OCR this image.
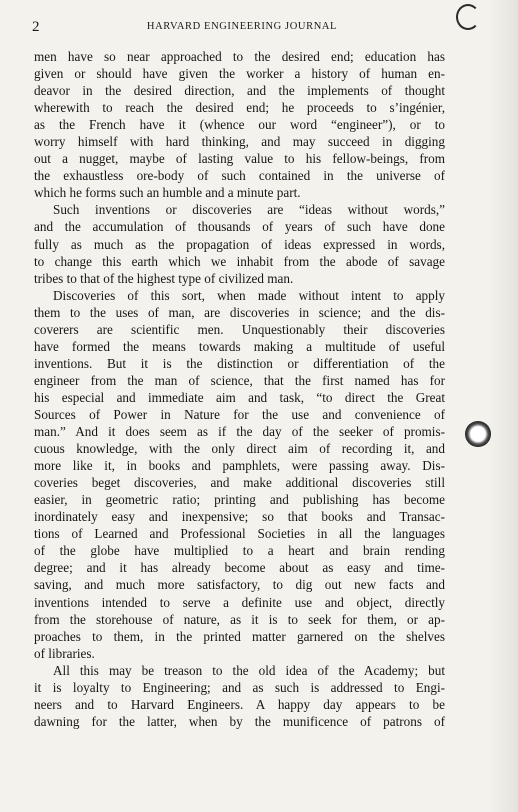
2	HARVARD ENGINEERING JOURNAL
men have so near approached to the desired end; education has
given or should have given the worker a history of human en-
deavor in the desired direction, and the implements of thought
wherewith to reach the desired end; he proceeds to s’ingénier,
as the French have it (whence our word “engineer”), or to
worry himself with hard thinking, and may succeed in digging
out a nugget, maybe of lasting value to his fellow-beings, from
the exhaustless ore-body of such contained in the universe of
which he forms such an humble and a minute part.
Such inventions or discoveries are “ideas without words,”
and the accumulation of thousands of years of such have done
fully as much as the propagation of ideas expressed in words,
to change this earth which we inhabit from the abode of savage
tribes to that of the highest type of civilized man.
Discoveries of this sort, when made without intent to apply
them to the uses of man, are discoveries in science; and the dis-
coverers are scientific men. Unquestionably their discoveries
have formed the means towards making a multitude of useful
inventions. But it is the distinction or differentiation of the
engineer from the man of science, that the first named has for
his especial and immediate aim and task, “to direct the Great
Sources of Power in Nature for the use and convenience of
man.” And it does seem as if the day of the seeker of promis-
cuous knowledge, with the only direct aim of recording it, and
more like it, in books and pamphlets, were passing away. Dis-
coveries beget discoveries, and make additional discoveries still
easier, in geometric ratio; printing and publishing has become
inordinately easy and inexpensive; so that books and Transac-
tions of Learned and Professional Societies in all the languages
of the globe have multiplied to a heart and brain rending
degree; and it has already become about as easy and time-
saving, and much more satisfactory, to dig out new facts and
inventions intended to serve a definite use and object, directly
from the storehouse of nature, as it is to seek for them, or ap-
proaches to them, in the printed matter garnered on the shelves
of libraries.
All this may be treason to the old idea of the Academy; but
it is loyalty to Engineering; and as such is addressed to Engi-
neers and to Harvard Engineers. A happy day appears to be
dawning for the latter, when by the munificence of patrons of
